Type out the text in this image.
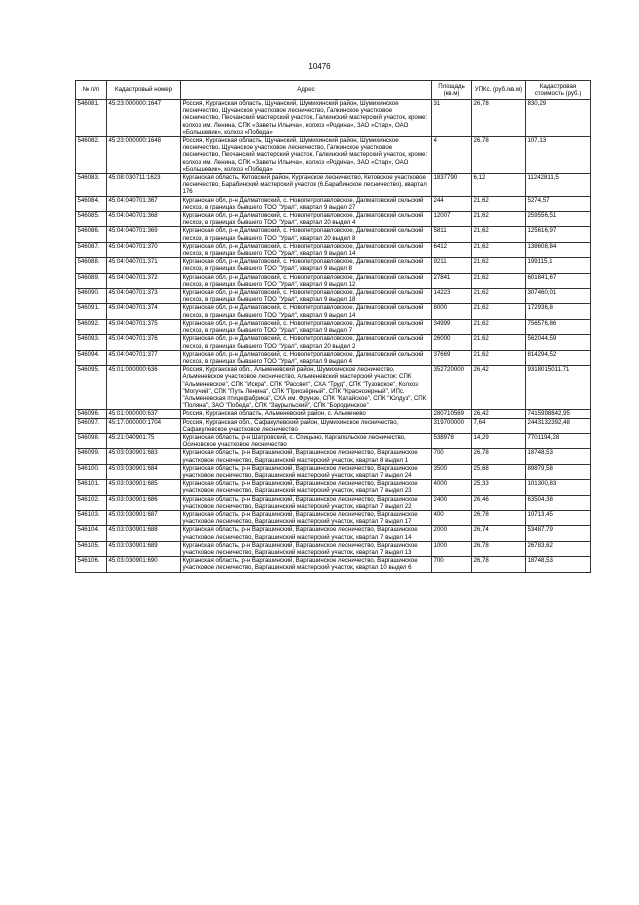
10476
№ п/п	Кадастровый номер	Адрес	Площадь (кв.м)	УПКс. (руб./кв.м)	Кадастровая стоимость (руб.)
546081.	45:23:000000:1647	Россия, Курганская область, Щучанский, Шумихинский район, Шумихинское лесничество, Щучанское участковое лесничество, Галкинское участковое лесничество, Песчанский мастерский участок, Галкинский мастерский участок, кроме: колхоз им. Ленина, СПК «Заветы Ильича», колхоз «Родина», ЗАО «Стар», ОАО «Большевик», колхоз «Победа»	31	26,78	830,29
546082.	45:23:000000:1648	Россия, Курганская область, Щучанский, Шумихинский район, Шумихинское лесничество, Щучанское участковое лесничество, Галкинское участковое лесничество, Песчанский мастерский участок, Галкинский мастерский участок, кроме: колхоз им. Ленина, СПК «Заветы Ильича», колхоз «Родина», ЗАО «Стар», ОАО «Большевик», колхоз «Победа»	4	26,78	107,13
546083.	45:08:030711:1623	Курганская область, Кетовский район, Курганское лесничество, Кетовское участковое лесничество, Барабинский мастерский участок (6.Барабинское лесничество), квартал 176	1837790	6,12	11242811,5
546084.	45:04:040701:367	Курганская обл, р-н Далматовский, с. Новопетропавловское, Далматовский сельский лесхоз, в границах бывшего ТОО "Урал", квартал 9 выдел 27	244	21,62	5274,57
546085.	45:04:040701:368	Курганская обл, р-н Далматовский, с. Новопетропавловское, Далматовский сельский лесхоз, в границах бывшего ТОО "Урал", квартал 20 выдел 4	12007	21,62	259556,51
546086.	45:04:040701:369	Курганская обл, р-н Далматовский, с. Новопетропавловское, Далматовский сельский лесхоз, в границах бывшего ТОО "Урал", квартал 20 выдел 8	5811	21,62	125616,97
546087.	45:04:040701:370	Курганская обл, р-н Далматовский, с. Новопетропавловское, Далматовский сельский лесхоз, в границах бывшего ТОО "Урал", квартал 9 выдел 14	6412	21,62	138608,84
546088.	45:04:040701:371	Курганская обл, р-н Далматовский, с. Новопетропавловское, Далматовский сельский лесхоз, в границах бывшего ТОО "Урал", квартал 9 выдел 8	9211	21,62	199115,1
546089.	45:04:040701:372	Курганская обл, р-н Далматовский, с. Новопетропавловское, Далматовский сельский лесхоз, в границах бывшего ТОО "Урал", квартал 9 выдел 12	27841	21,62	601841,67
546090.	45:04:040701:373	Курганская обл, р-н Далматовский, с. Новопетропавловское, Далматовский сельский лесхоз, в границах бывшего ТОО "Урал", квартал 9 выдел 18	14223	21,62	307460,01
546091.	45:04:040701:374	Курганская обл, р-н Далматовский, с. Новопетропавловское, Далматовский сельский лесхоз, в границах бывшего ТОО "Урал", квартал 9 выдел 14	8000	21,62	172936,8
546092.	45:04:040701:375	Курганская обл, р-н Далматовский, с. Новопетропавловское, Далматовский сельский лесхоз, в границах бывшего ТОО "Урал", квартал 9 выдел 7	34999	21,62	756576,86
546093.	45:04:040701:376	Курганская обл, р-н Далматовский, с. Новопетропавловское, Далматовский сельский лесхоз, в границах бывшего ТОО "Урал", квартал 20 выдел 2	26000	21,62	562044,59
546094.	45:04:040701:377	Курганская обл, р-н Далматовский, с. Новопетропавловское, Далматовский сельский лесхоз, в границах бывшего ТОО "Урал", квартал 9 выдел 4	37669	21,62	814294,52
546095.	45:01:000000:636	Россия, Курганская обл., Альменевский район, Шумихинское лесничество, Альменевское участковое лесничество, Альменевский мастерский участок: СПК "Альменевское", СПК "Искра", СПК "Рассвет", СХА "Труд", СПК "Тузовское", Колхоз "Могучий", СПК "Путь Ленина", СПК "Приозёрный", СПК "Краснозерный", ИПс. "Альменевская птицефабрика", СХА им. Фрунзе, СПК "Катайское", СПК "Юлдуз", СПК "Поляна", ЗАО "Победа", СПК "Заурыльский", СПК "Бородинское"	352720000	26,42	9318015011,71
546096.	45:01:000000:637	Россия, Курганская область, Альменевский район, с. Альменево	280710569	26,42	7415998842,95
546097.	45:17:000000:1704	Россия, Курганская обл., Сафакулевский район, Шумихинское лесничество, Сафакулевское участковое лесничество	319700000	7,64	2443132392,48
546098.	45:21:040901:75	Курганская область, р-н Шатровский, с. Спицыно, Каргапольское лесничество, Осиновское участковое лесничество	538978	14,29	7701194,28
546099.	45:03:030901:683	Курганская область, р-н Варгашинский, Варгашинское лесничество, Варгашинское участковое лесничество, Варгашинский мастерский участок, квартал 8 выдел 1	700	26,78	18748,53
546100.	45:03:030901:684	Курганская область, р-н Варгашинский, Варгашинское лесничество, Варгашинское участковое лесничество, Варгашинский мастерский участок, квартал 7 выдел 24	3500	25,68	89879,58
546101.	45:03:030901:685	Курганская область, р-н Варгашинский, Варгашинское лесничество, Варгашинское участковое лесничество, Варгашинский мастерский участок, квартал 7 выдел 23	4000	25,33	101300,83
546102.	45:03:030901:686	Курганская область, р-н Варгашинский, Варгашинское лесничество, Варгашинское участковое лесничество, Варгашинский мастерский участок, квартал 7 выдел 22	2400	26,46	63504,38
546103.	45:03:030901:687	Курганская область, р-н Варгашинский, Варгашинское лесничество, Варгашинское участковое лесничество, Варгашинский мастерский участок, квартал 7 выдел 17	400	26,78	10713,45
546104.	45:03:030901:688	Курганская область, р-н Варгашинский, Варгашинское лесничество, Варгашинское участковое лесничество, Варгашинский мастерский участок, квартал 7 выдел 14	2000	26,74	53487,79
546105.	45:03:030901:689	Курганская область, р-н Варгашинский, Варгашинское лесничество, Варгашинское участковое лесничество, Варгашинский мастерский участок, квартал 7 выдел 13	1000	26,78	26783,62
546106.	45:03:030901:690	Курганская область, р-н Варгашинский, Варгашинское лесничество, Варгашинское участковое лесничество, Варгашинский мастерский участок, квартал 10 выдел 6	700	26,78	18748,53
